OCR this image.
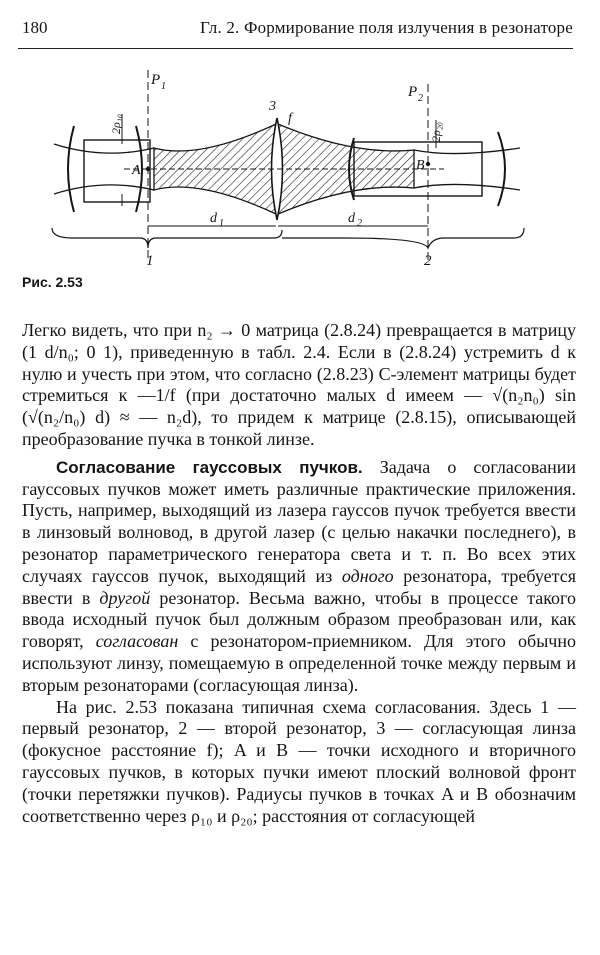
180	Гл. 2. Формирование поля излучения в резонаторе
P 1	P 2
3
f
2ρ₁₀	2ρ₂₀
A	B
d 1	d 2
1	2
Рис. 2.53

Легко видеть, что при n₂ → 0 матрица (2.8.24) превращается в матрицу (1 d/n₀; 0 1), приведенную в табл. 2.4. Если в (2.8.24) устремить d к нулю и учесть при этом, что согласно (2.8.23) C-элемент матрицы будет стремиться к —1/f (при достаточно малых d имеем — √(n₂n₀) sin (√(n₂/n₀) d) ≈ — n₂d), то придем к матрице (2.8.15), описывающей преобразование пучка в тонкой линзе.

Согласование гауссовых пучков. Задача о согласовании гауссовых пучков может иметь различные практические приложения. Пусть, например, выходящий из лазера гауссов пучок требуется ввести в линзовый волновод, в другой лазер (с целью накачки последнего), в резонатор параметрического генератора света и т. п. Во всех этих случаях гауссов пучок, выходящий из одного резонатора, требуется ввести в другой резонатор. Весьма важно, чтобы в процессе такого ввода исходный пучок был должным образом преобразован или, как говорят, согласован с резонатором-приемником. Для этого обычно используют линзу, помещаемую в определенной точке между первым и вторым резонаторами (согласующая линза).

На рис. 2.53 показана типичная схема согласования. Здесь 1 — первый резонатор, 2 — второй резонатор, 3 — согласующая линза (фокусное расстояние f); A и B — точки исходного и вторичного гауссовых пучков, в которых пучки имеют плоский волновой фронт (точки перетяжки пучков). Радиусы пучков в точках A и B обозначим соответственно через ρ₁₀ и ρ₂₀; расстояния от согласующей
